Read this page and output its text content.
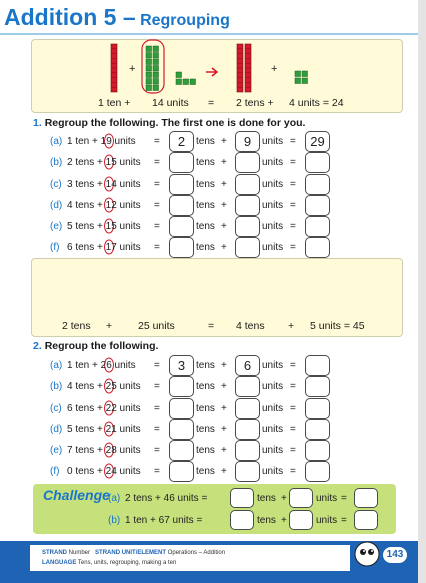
Addition 5 – Regrouping
+	+
1 ten + 14 units = 2 tens + 4 units = 24
1. Regroup the following. The first one is done for you.
(a) 1 ten + 19 units =	2	tens +	9	units =	29
(b) 2 tens + 15 units =	tens +	units =
(c) 3 tens + 14 units =	tens +	units =
(d) 4 tens + 12 units =	tens +	units =
(e) 5 tens + 15 units =	tens +	units =
(f) 6 tens + 17 units =	tens +	units =
2 tens + 25 units	= 4 tens + 5 units = 45
2. Regroup the following.
(a) 1 ten + 26 units =	3	tens +	6	units =
(b) 4 tens + 25 units =	tens +	units =
(c) 6 tens + 22 units =	tens +	units =
(d) 5 tens + 21 units =	tens +	units =
(e) 7 tens + 28 units =	tens +	units =
(f) 0 tens + 24 units =	tens +	units =
Challenge
(a) 2 tens + 46 units =	tens +	units =
(b) 1 ten + 67 units =	tens +	units =
STRAND Number STRAND UNIT/ELEMENT Operations – Addition
LANGUAGE Tens, units, regrouping, making a ten
143
